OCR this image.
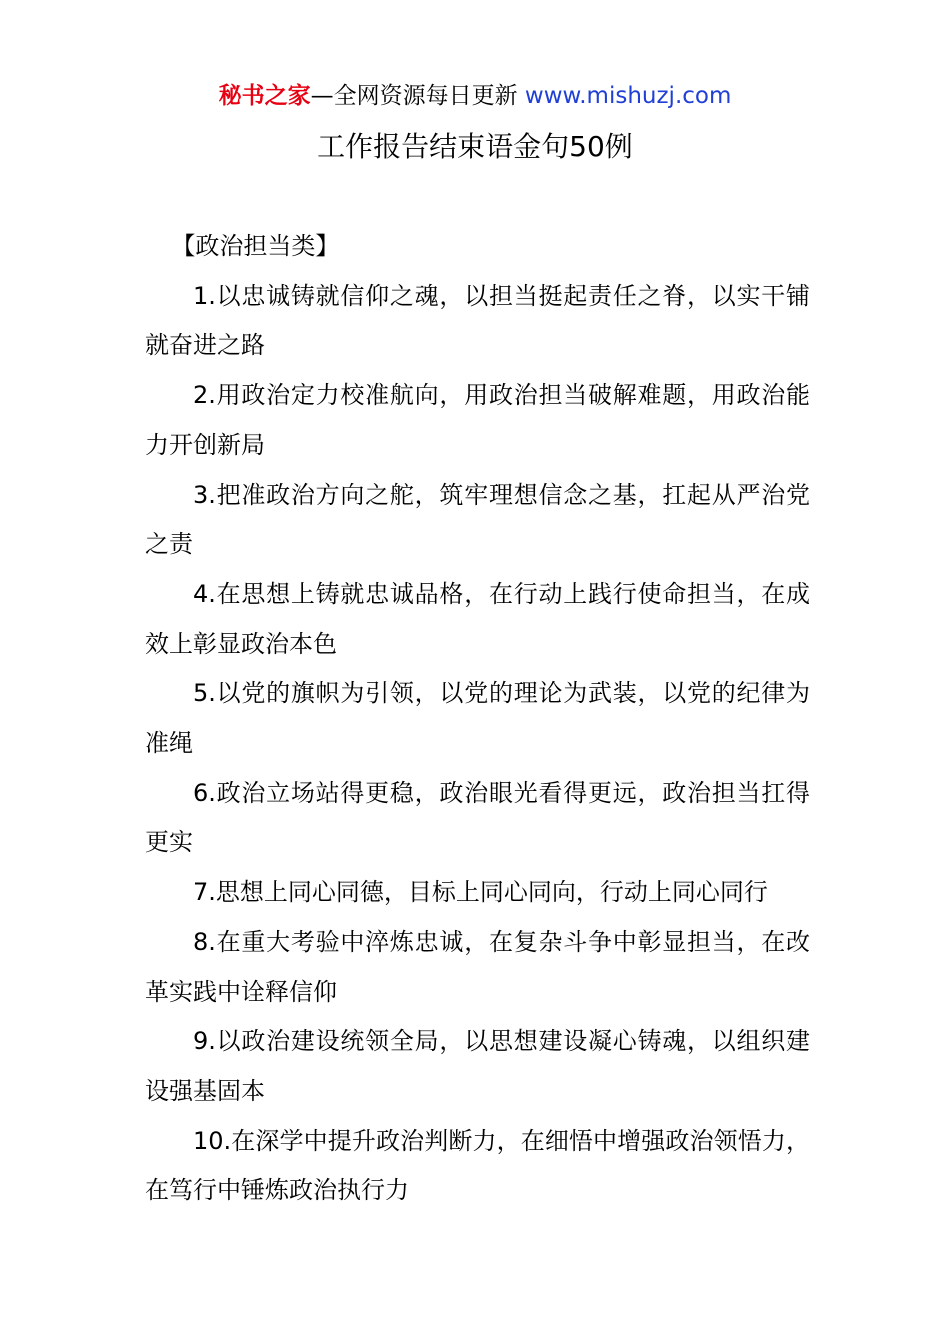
秘书之家—全网资源每日更新 www.mishuzj.com
工作报告结束语金句50例

【政治担当类】

1.以忠诚铸就信仰之魂，以担当挺起责任之脊，以实干铺就奋进之路

2.用政治定力校准航向，用政治担当破解难题，用政治能力开创新局

3.把准政治方向之舵，筑牢理想信念之基，扛起从严治党之责

4.在思想上铸就忠诚品格，在行动上践行使命担当，在成效上彰显政治本色

5.以党的旗帜为引领，以党的理论为武装，以党的纪律为准绳

6.政治立场站得更稳，政治眼光看得更远，政治担当扛得更实

7.思想上同心同德，目标上同心同向，行动上同心同行

8.在重大考验中淬炼忠诚，在复杂斗争中彰显担当，在改革实践中诠释信仰

9.以政治建设统领全局，以思想建设凝心铸魂，以组织建设强基固本

10.在深学中提升政治判断力，在细悟中增强政治领悟力，在笃行中锤炼政治执行力
